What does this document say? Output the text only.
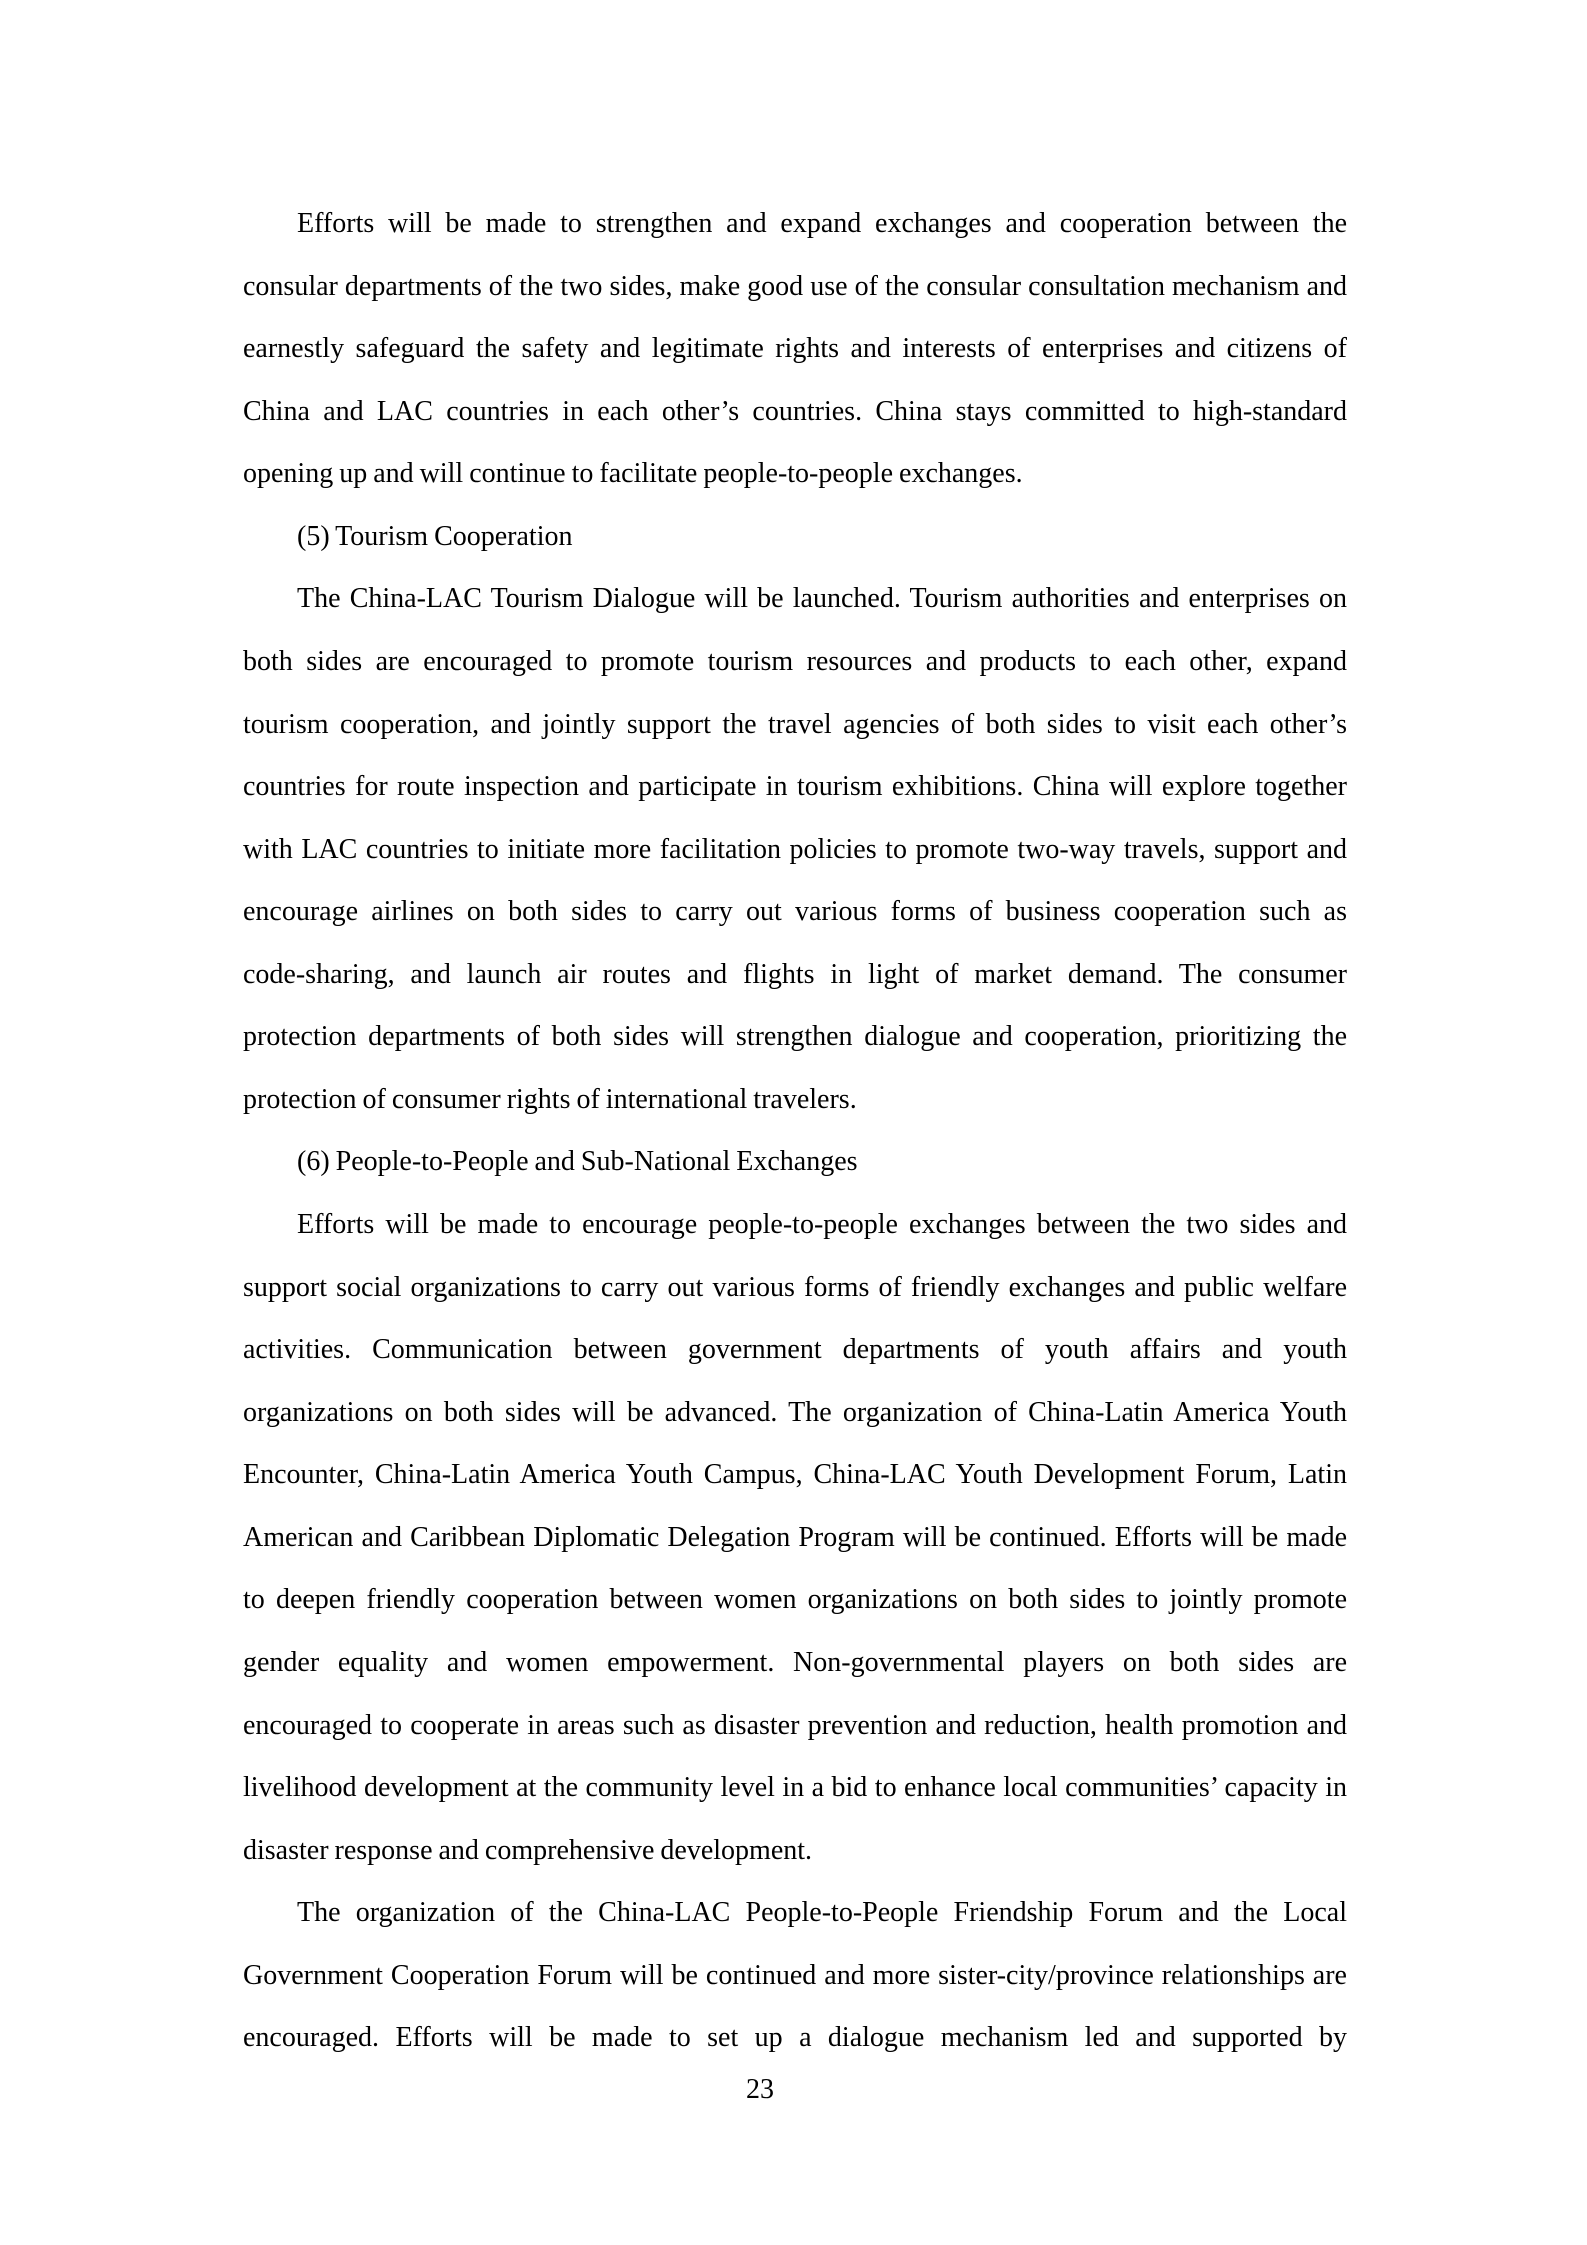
Efforts will be made to strengthen and expand exchanges and cooperation between the
consular departments of the two sides, make good use of the consular consultation mechanism and
earnestly safeguard the safety and legitimate rights and interests of enterprises and citizens of
China and LAC countries in each other’s countries. China stays committed to high-standard
opening up and will continue to facilitate people-to-people exchanges.
(5) Tourism Cooperation
The China-LAC Tourism Dialogue will be launched. Tourism authorities and enterprises on
both sides are encouraged to promote tourism resources and products to each other, expand
tourism cooperation, and jointly support the travel agencies of both sides to visit each other’s
countries for route inspection and participate in tourism exhibitions. China will explore together
with LAC countries to initiate more facilitation policies to promote two-way travels, support and
encourage airlines on both sides to carry out various forms of business cooperation such as
code-sharing, and launch air routes and flights in light of market demand. The consumer
protection departments of both sides will strengthen dialogue and cooperation, prioritizing the
protection of consumer rights of international travelers.
(6) People-to-People and Sub-National Exchanges
Efforts will be made to encourage people-to-people exchanges between the two sides and
support social organizations to carry out various forms of friendly exchanges and public welfare
activities. Communication between government departments of youth affairs and youth
organizations on both sides will be advanced. The organization of China-Latin America Youth
Encounter, China-Latin America Youth Campus, China-LAC Youth Development Forum, Latin
American and Caribbean Diplomatic Delegation Program will be continued. Efforts will be made
to deepen friendly cooperation between women organizations on both sides to jointly promote
gender equality and women empowerment. Non-governmental players on both sides are
encouraged to cooperate in areas such as disaster prevention and reduction, health promotion and
livelihood development at the community level in a bid to enhance local communities’ capacity in
disaster response and comprehensive development.
The organization of the China-LAC People-to-People Friendship Forum and the Local
Government Cooperation Forum will be continued and more sister-city/province relationships are
encouraged. Efforts will be made to set up a dialogue mechanism led and supported by
23
